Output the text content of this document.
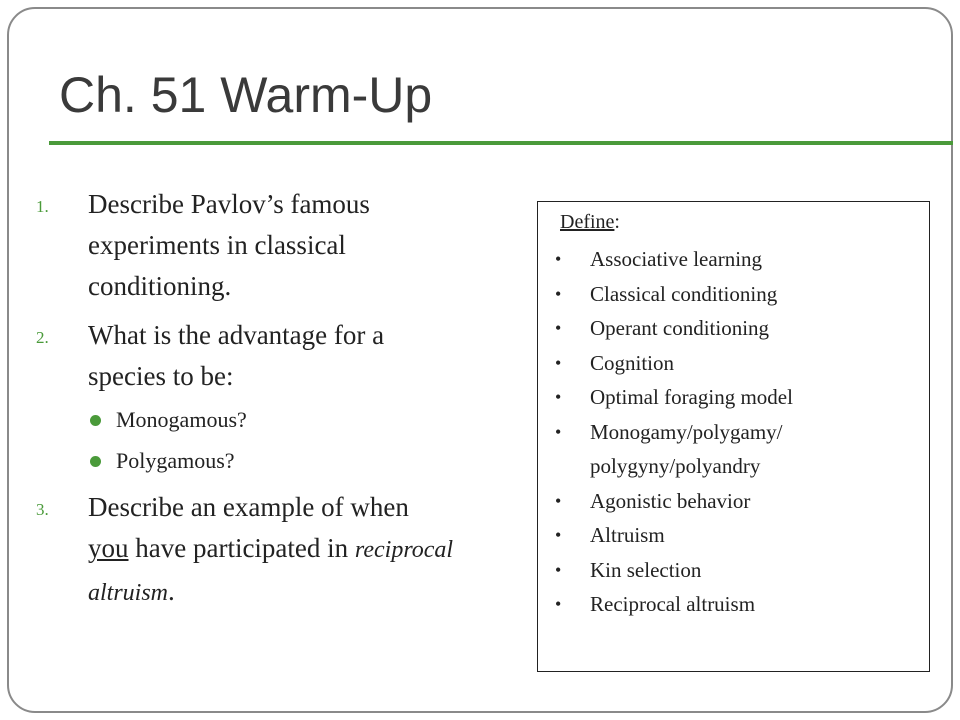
Ch. 51 Warm-Up
1. Describe Pavlov’s famous
experiments in classical
conditioning.
2. What is the advantage for a
species to be:
Monogamous?
Polygamous?
3. Describe an example of when
you have participated in reciprocal
altruism.
Define:
• Associative learning
• Classical conditioning
• Operant conditioning
• Cognition
• Optimal foraging model
• Monogamy/polygamy/
polygyny/polyandry
• Agonistic behavior
• Altruism
• Kin selection
• Reciprocal altruism
